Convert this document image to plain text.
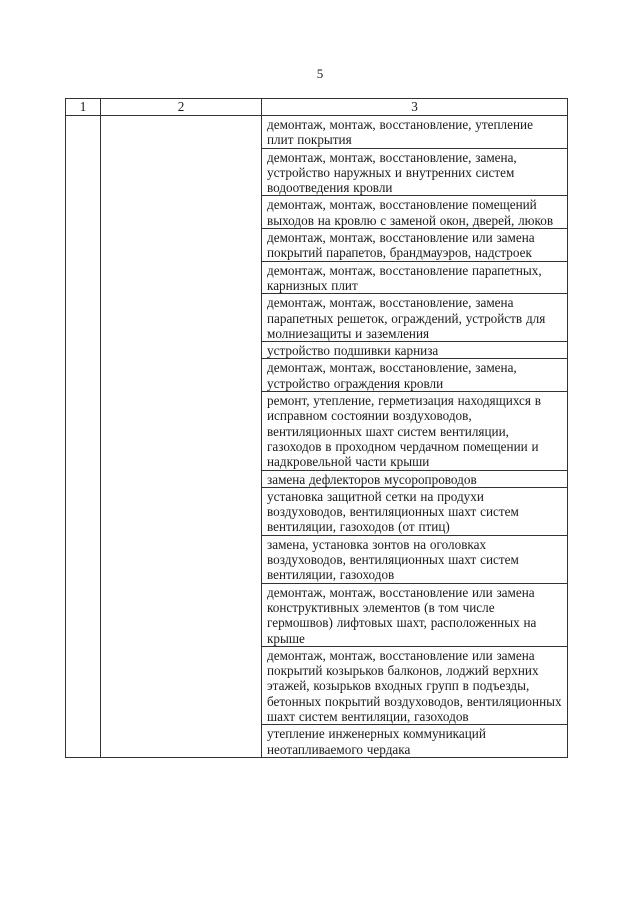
5
1	2	3
		демонтаж, монтаж, восстановление, утепление плит покрытия
		демонтаж, монтаж, восстановление, замена, устройство наружных и внутренних систем водоотведения кровли
		демонтаж, монтаж, восстановление помещений выходов на кровлю с заменой окон, дверей, люков
		демонтаж, монтаж, восстановление или замена покрытий парапетов, брандмауэров, надстроек
		демонтаж, монтаж, восстановление парапетных, карнизных плит
		демонтаж, монтаж, восстановление, замена парапетных решеток, ограждений, устройств для молниезащиты и заземления
		устройство подшивки карниза
		демонтаж, монтаж, восстановление, замена, устройство ограждения кровли
		ремонт, утепление, герметизация находящихся в исправном состоянии воздуховодов, вентиляционных шахт систем вентиляции, газоходов в проходном чердачном помещении и надкровельной части крыши
		замена дефлекторов мусоропроводов
		установка защитной сетки на продухи воздуховодов, вентиляционных шахт систем вентиляции, газоходов (от птиц)
		замена, установка зонтов на оголовках воздуховодов, вентиляционных шахт систем вентиляции, газоходов
		демонтаж, монтаж, восстановление или замена конструктивных элементов (в том числе гермошвов) лифтовых шахт, расположенных на крыше
		демонтаж, монтаж, восстановление или замена покрытий козырьков балконов, лоджий верхних этажей, козырьков входных групп в подъезды, бетонных покрытий воздуховодов, вентиляционных шахт систем вентиляции, газоходов
		утепление инженерных коммуникаций неотапливаемого чердака
